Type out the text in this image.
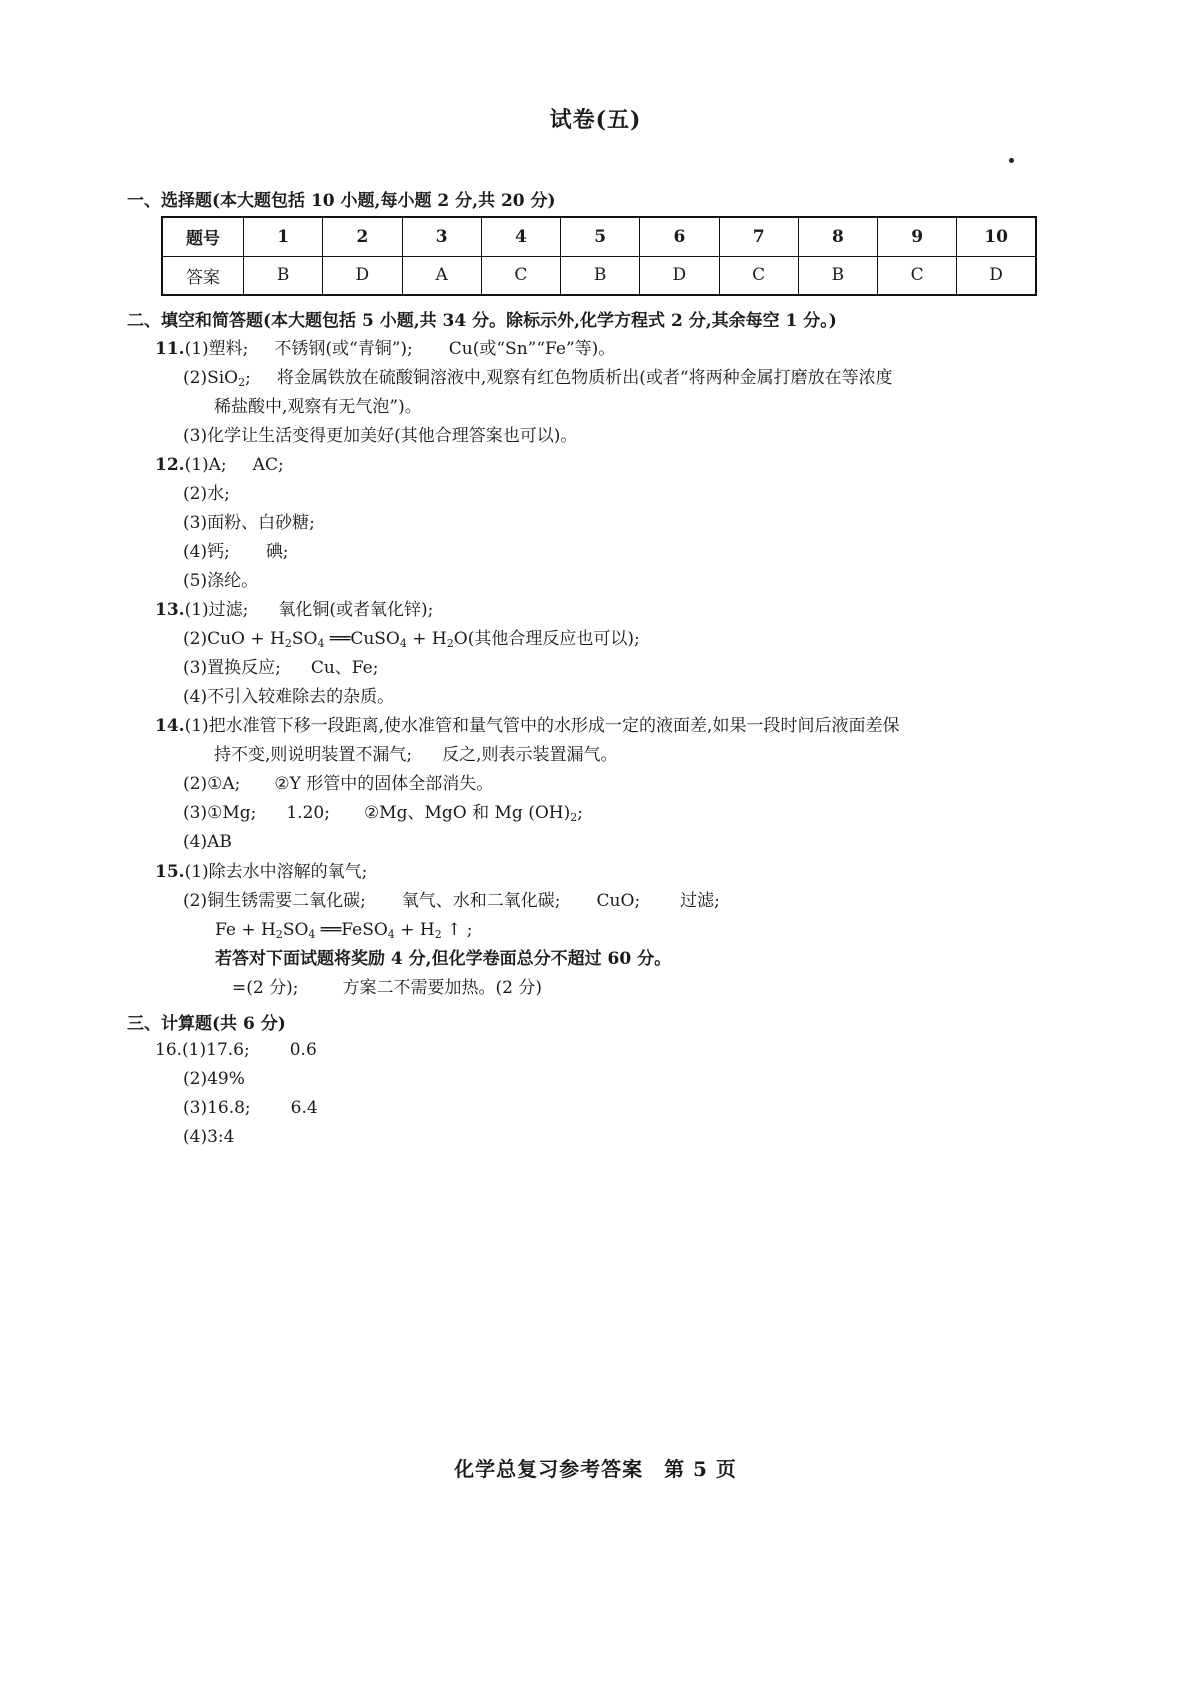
试卷(五)
一、选择题(本大题包括 10 小题,每小题 2 分,共 20 分)
题号	1	2	3	4	5	6	7	8	9	10
答案	B	D	A	C	B	D	C	B	C	D
二、填空和简答题(本大题包括 5 小题,共 34 分。除标示外,化学方程式 2 分,其余每空 1 分。)
11.(1)塑料; 不锈钢(或“青铜”); Cu(或“Sn”“Fe”等)。
(2)SiO$_2$; 将金属铁放在硫酸铜溶液中,观察有红色物质析出(或者“将两种金属打磨放在等浓度
稀盐酸中,观察有无气泡”)。
(3)化学让生活变得更加美好(其他合理答案也可以)。
12.(1)A; AC;
(2)水;
(3)面粉、白砂糖;
(4)钙; 碘;
(5)涤纶。
13.(1)过滤; 氧化铜(或者氧化锌);
$(2)CuO + H_2SO_4$ ══CuSO$_4$ + $H_2O$(其他合理反应也可以);
(3)置换反应; Cu、Fe;
(4)不引入较难除去的杂质。
14.(1)把水准管下移一段距离,使水准管和量气管中的水形成一定的液面差,如果一段时间后液面差保
持不变,则说明装置不漏气; 反之,则表示装置漏气。
(2)①A; ②Y 形管中的固体全部消失。
(3)①Mg; 1.20; ②Mg、MgO 和 Mg $(OH)_2$;
(4)AB
15.(1)除去水中溶解的氧气;
(2)铜生锈需要二氧化碳; 氧气、水和二氧化碳; CuO; 过滤;
$Fe + H_2SO_4$ ══FeSO$_4$ + $H_2$ ↑ ;
若答对下面试题将奖励 4 分,但化学卷面总分不超过 60 分。
=(2 分);	方案二不需要加热。(2 分)
三、计算题(共 6 分)
16.(1)17.6; 0.6
(2)49%
(3)16.8; 6.4
(4)3:4
化学总复习参考答案　第 5 页
